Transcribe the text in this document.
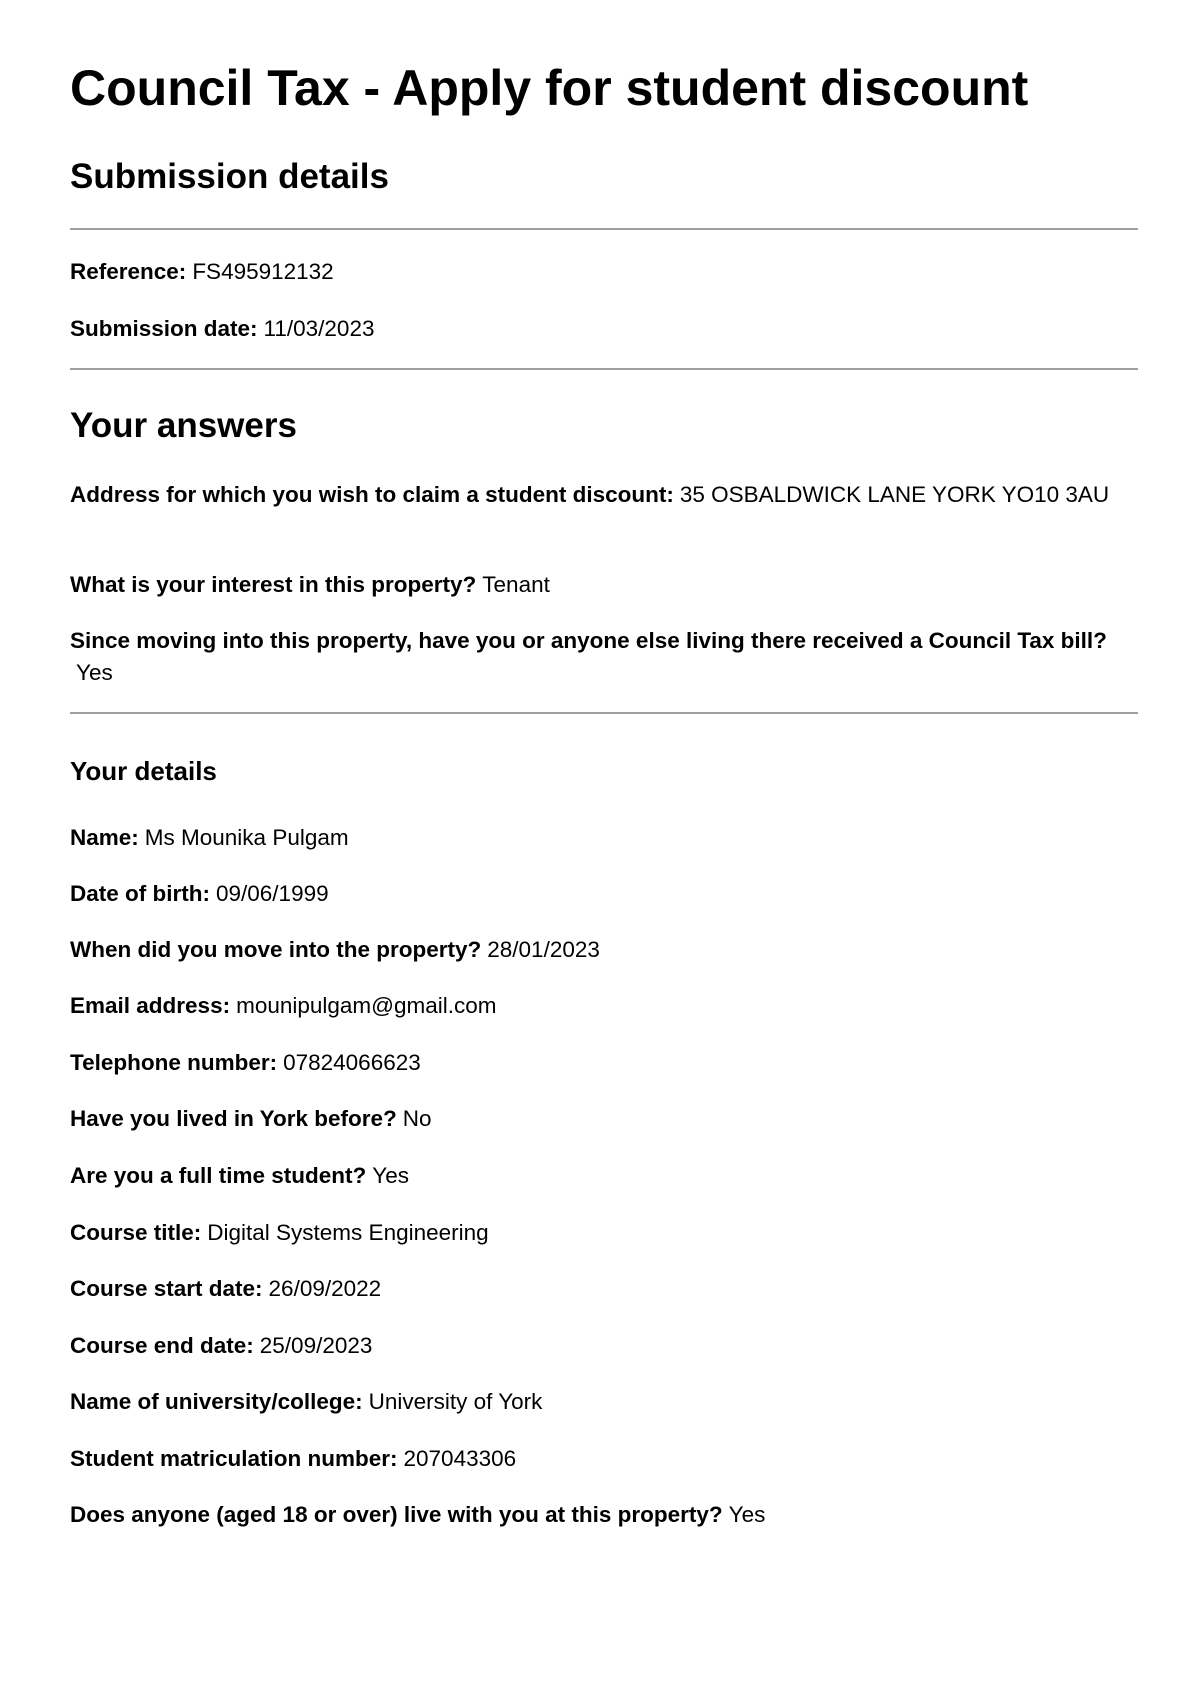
Council Tax - Apply for student discount
Submission details

Reference: FS495912132

Submission date: 11/03/2023

Your answers

Address for which you wish to claim a student discount: 35 OSBALDWICK LANE YORK YO10 3AU

What is your interest in this property? Tenant

Since moving into this property, have you or anyone else living there received a Council Tax bill?Yes

Your details

Name: Ms Mounika Pulgam

Date of birth: 09/06/1999

When did you move into the property? 28/01/2023

Email address: mounipulgam@gmail.com

Telephone number: 07824066623

Have you lived in York before? No

Are you a full time student? Yes

Course title: Digital Systems Engineering

Course start date: 26/09/2022

Course end date: 25/09/2023

Name of university/college: University of York

Student matriculation number: 207043306

Does anyone (aged 18 or over) live with you at this property? Yes
